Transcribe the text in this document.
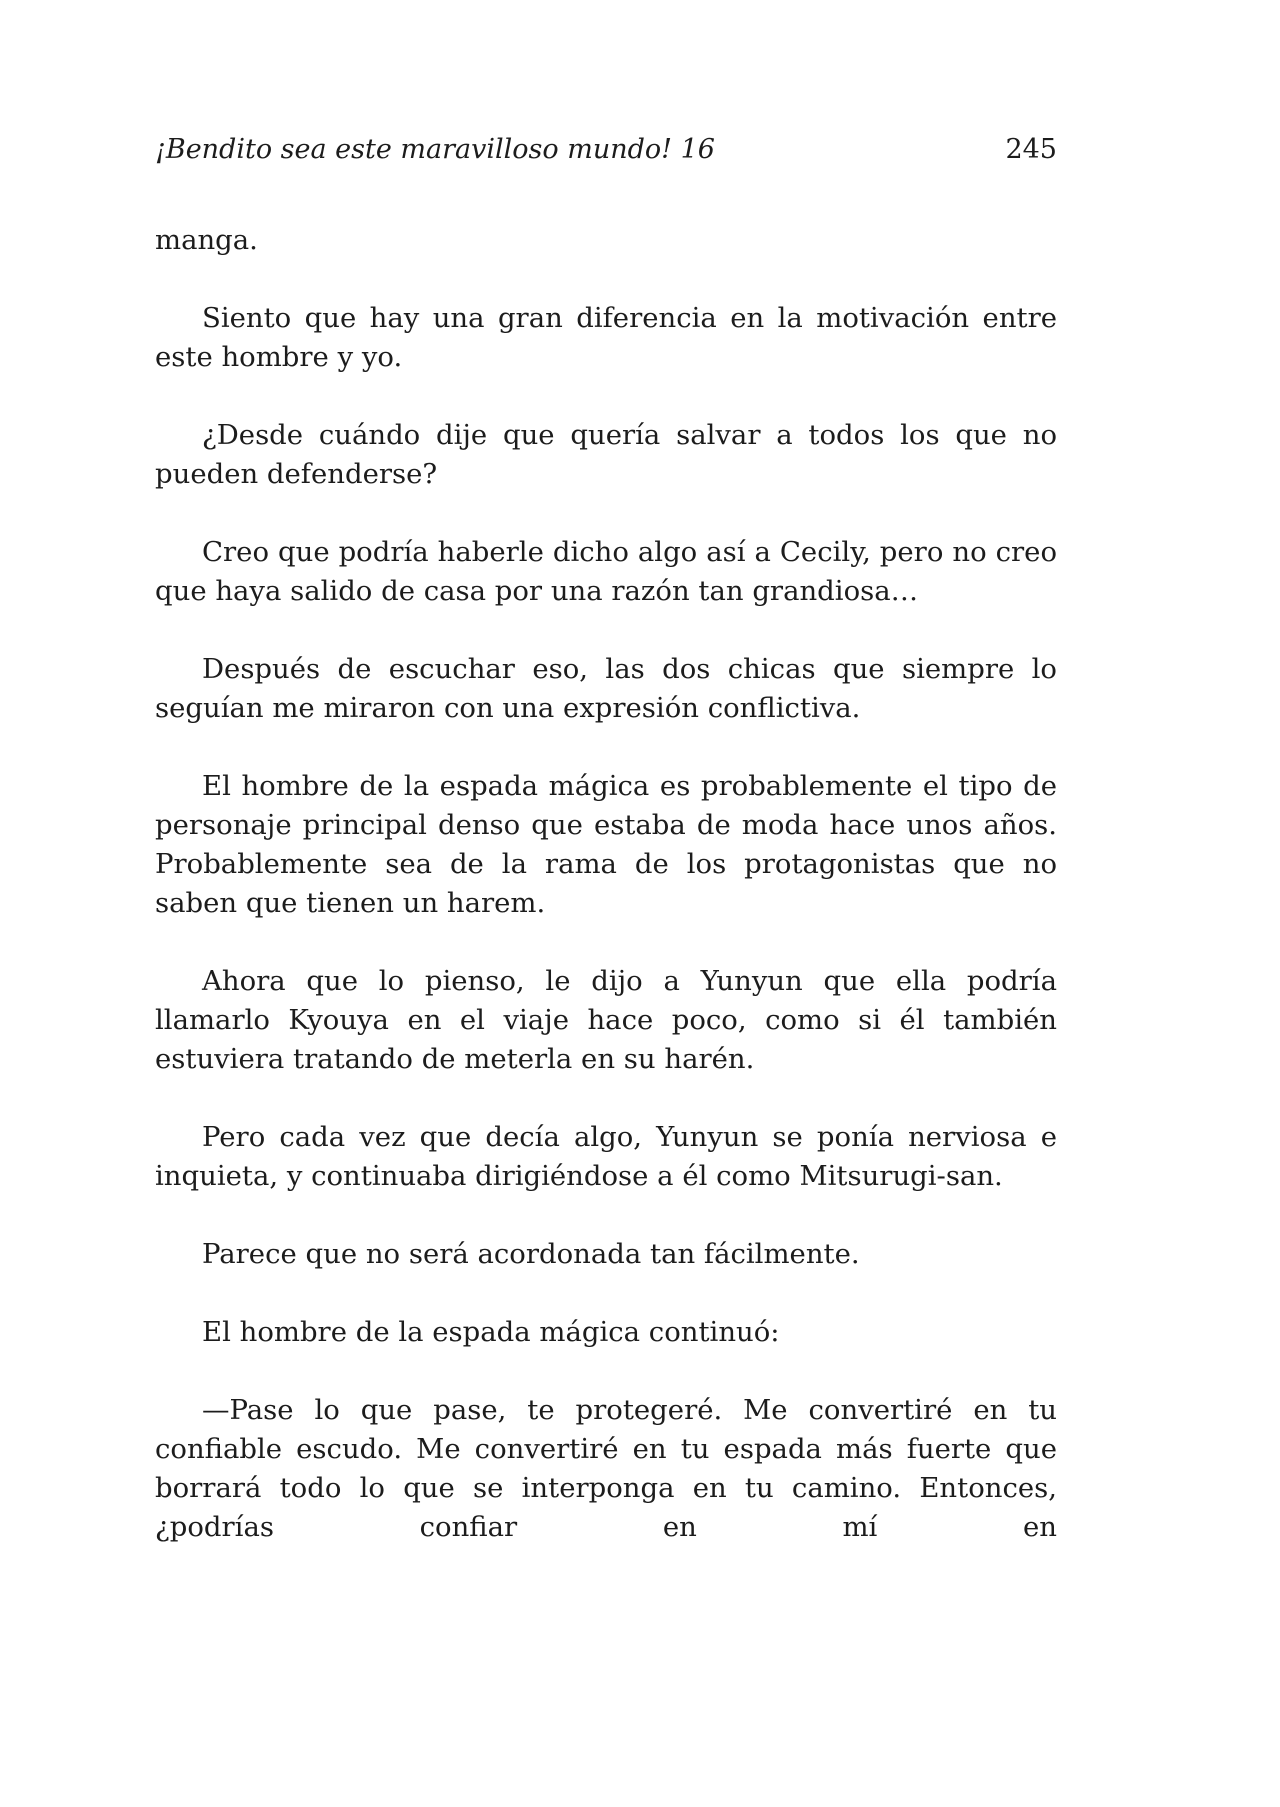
¡Bendito sea este maravilloso mundo! 16	245

manga.

Siento que hay una gran diferencia en la motivación entre este hombre y yo.

¿Desde cuándo dije que quería salvar a todos los que no pueden defenderse?

Creo que podría haberle dicho algo así a Cecily, pero no creo que haya salido de casa por una razón tan grandiosa…

Después de escuchar eso, las dos chicas que siempre lo seguían me miraron con una expresión conflictiva.

El hombre de la espada mágica es probablemente el tipo de personaje principal denso que estaba de moda hace unos años. Probablemente sea de la rama de los protagonistas que no saben que tienen un harem.

Ahora que lo pienso, le dijo a Yunyun que ella podría llamarlo Kyouya en el viaje hace poco, como si él también estuviera tratando de meterla en su harén.

Pero cada vez que decía algo, Yunyun se ponía nerviosa e inquieta, y continuaba dirigiéndose a él como Mitsurugi-san.

Parece que no será acordonada tan fácilmente.

El hombre de la espada mágica continuó:

—Pase lo que pase, te protegeré. Me convertiré en tu confiable escudo. Me convertiré en tu espada más fuerte que borrará todo lo que se interponga en tu camino. Entonces, ¿podrías confiar en mí en
